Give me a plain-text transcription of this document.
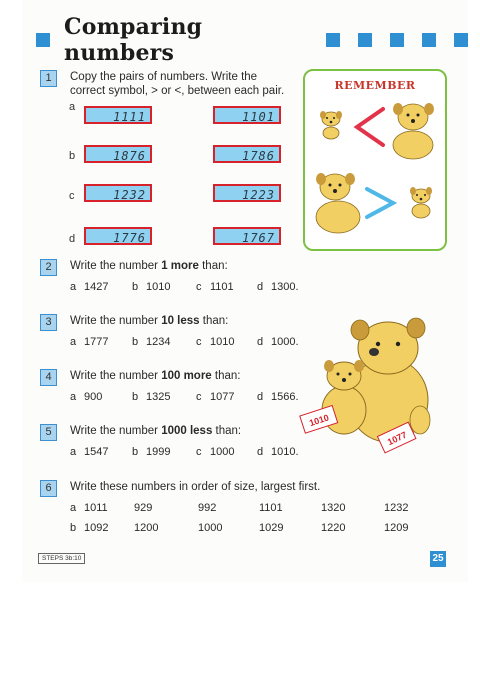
Comparing numbers
1	Copy the pairs of numbers. Write the
correct symbol, > or <, between each pair.
a
1111	1101
b	1876	1786
c	1232	1223
d	1776	1767
REMEMBER
2	Write the number 1 more than:
a 1427 b 1010 c 1101 d 1300.
3	Write the number 10 less than:
a 1777 b 1234 c 1010 d 1000.
4	Write the number 100 more than:
a 900	b 1325 c 1077 d 1566.
5	Write the number 1000 less than:
a 1547 b 1999 c 1000 d 1010.
1010
1077
6	Write these numbers in order of size, largest first.
a 1011 929	992	1101	1320	1232
b 1092 1200	1000	1029	1220	1209
STEPS 3b:10	25
